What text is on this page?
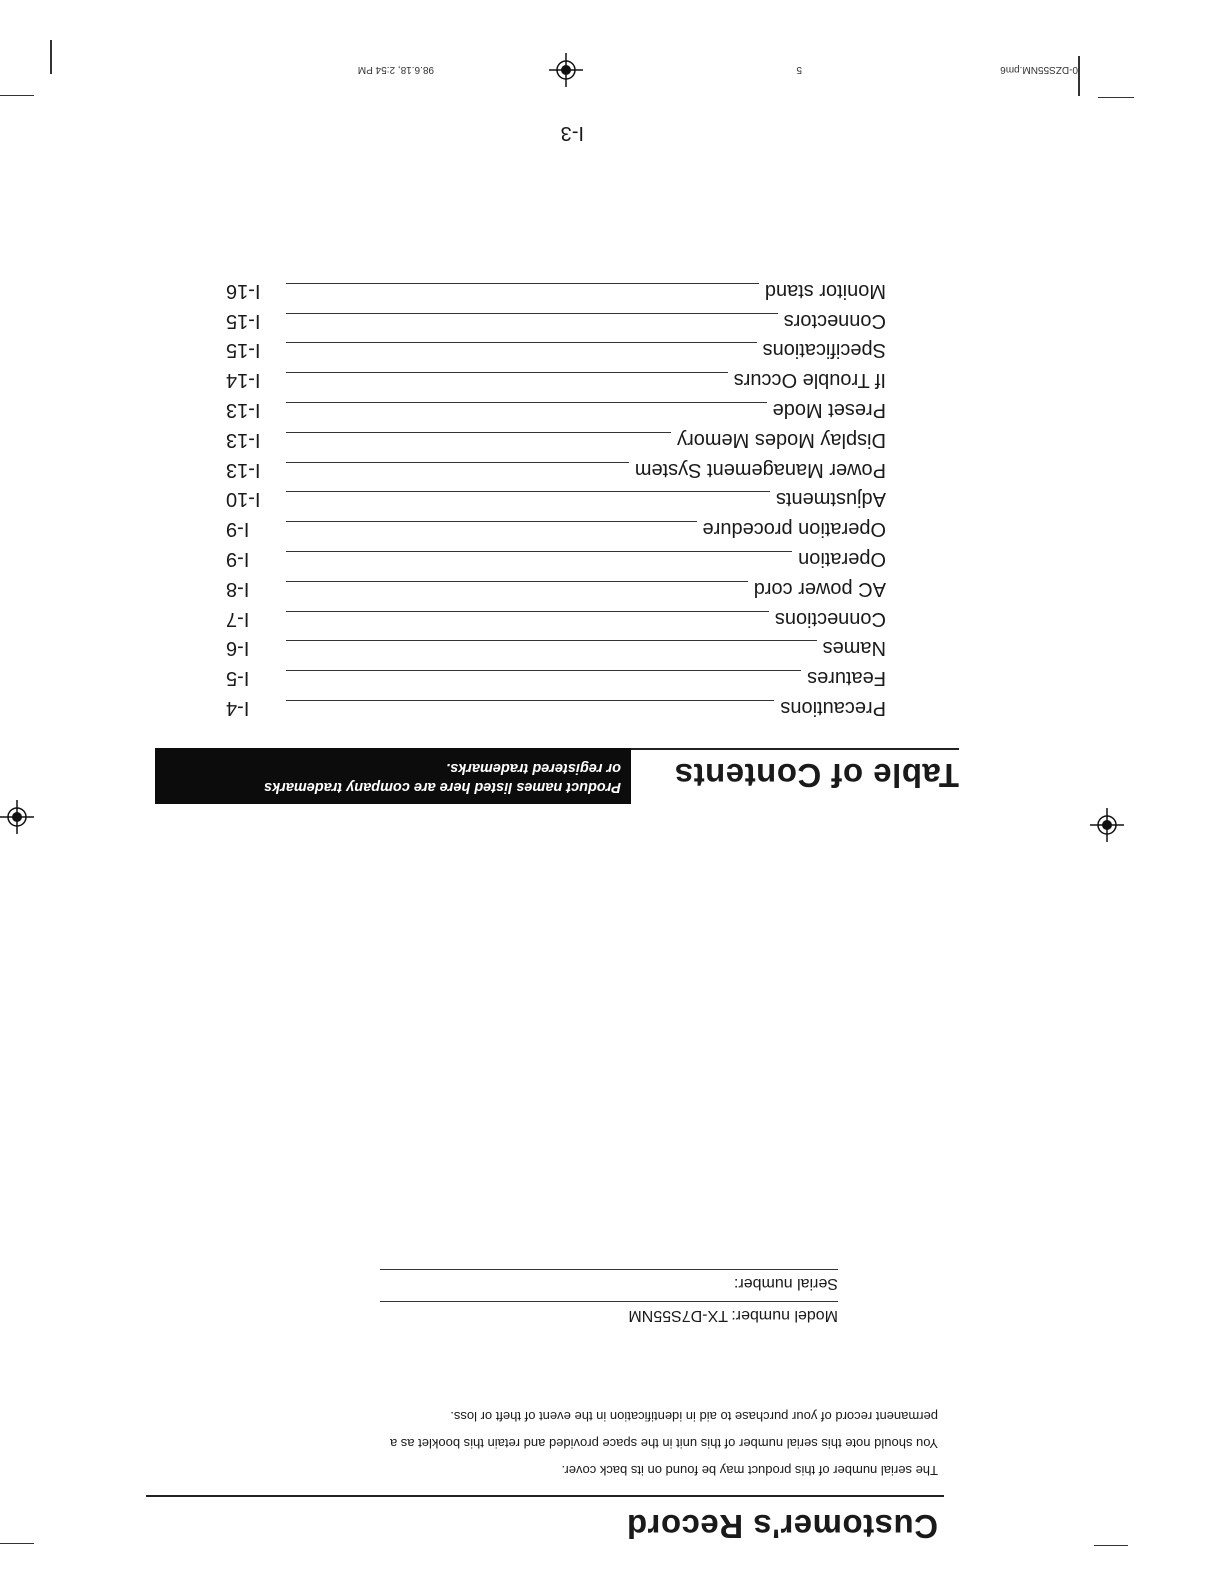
0-DZS55NM.pm6
5
98.6.18, 2:54 PM
I-3
Table of Contents
Product names listed here are company trademarks
or registered trademarks.
Precautions
I-4
Features
I-5
Names
I-6
Connections
I-7
AC power cord
I-8
Operation
I-9
Operation procedure
I-9
Adjustments
I-10
Power Management System
I-13
Display Modes Memory
I-13
Preset Mode
I-13
If Trouble Occurs
I-14
Specifications
I-15
Connectors
I-15
Monitor stand
I-16
Customer's Record
The serial number of this product may be found on its back cover.
You should note this serial number of this unit in the space provided and retain this booklet as a
permanent record of your purchase to aid in identification in the event of theft or loss.
Model number:
TX-D7S55NM
Serial number:
